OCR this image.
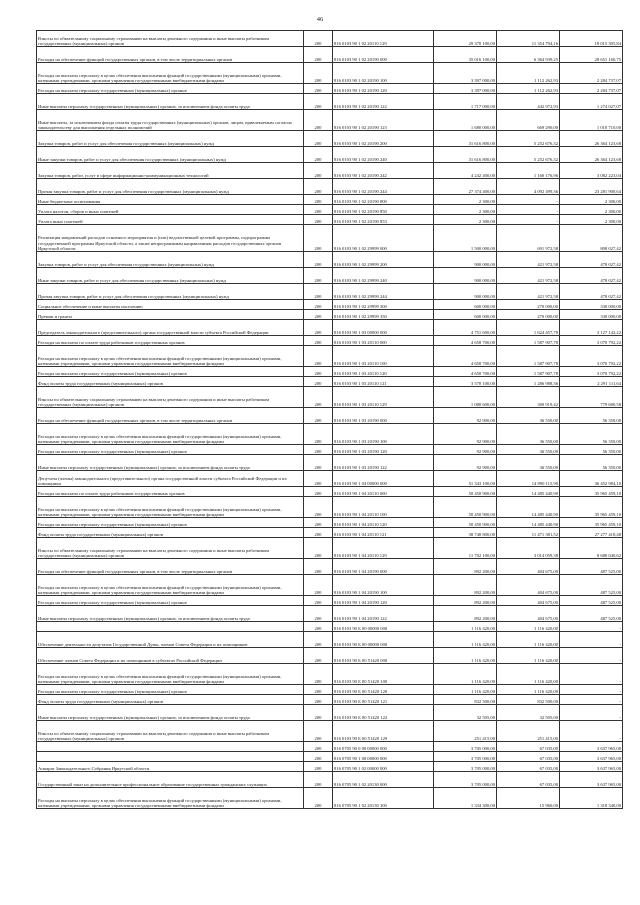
46
Взносы по обязательному социальному страхованию на выплаты денежного содержания и иные выплаты работникам государственных (муниципальных) органов	200	816 0103 90 1 02 20110 129	29 370 100,00	11 354 794,16	18 015 305,84
Расходы на обеспечение функций государственных органов, в том числе территориальных органов	200	816 0103 90 1 02 20190 000	35 016 100,00	6 364 939,25	28 651 160,75
Расходы на выплаты персоналу в целях обеспечения выполнения функций государственными (муниципальными) органами, казенными учреждениями, органами управления государственными внебюджетными фондами	200	816 0103 90 1 02 20190 100	3 397 000,00	1 112 262,93	2 284 737,07
Расходы на выплаты персоналу государственных (муниципальных) органов	200	816 0103 90 1 02 20190 120	3 397 000,00	1 112 262,93	2 284 737,07
Иные выплаты персоналу государственных (муниципальных) органов, за исключением фонда оплаты труда	200	816 0103 90 1 02 20190 122	1 717 000,00	442 972,93	1 274 027,07
Иные выплаты, за исключением фонда оплаты труда государственных (муниципальных) органов, лицам, привлекаемым согласно законодательству для выполнения отдельных полномочий	200	816 0103 90 1 02 20190 123	1 680 000,00	669 290,00	1 010 710,00
Закупка товаров, работ и услуг для обеспечения государственных (муниципальных) нужд	200	816 0103 90 1 02 20190 200	31 616 800,00	5 252 676,32	26 364 123,68
Иные закупки товаров, работ и услуг для обеспечения государственных (муниципальных) нужд	200	816 0103 90 1 02 20190 240	31 616 800,00	5 252 676,32	26 364 123,68
Закупка товаров, работ, услуг в сфере информационно-коммуникационных технологий	200	816 0103 90 1 02 20190 242	4 242 400,00	1 160 176,96	3 082 223,04
Прочая закупка товаров, работ и услуг для обеспечения государственных (муниципальных) нужд	200	816 0103 90 1 02 20190 244	27 374 400,00	4 092 499,36	23 281 900,64
Иные бюджетные ассигнования	200	816 0103 90 1 02 20190 800	2 300,00	-	2 300,00
Уплата налогов, сборов и иных платежей	200	816 0103 90 1 02 20190 850	2 300,00	-	2 300,00
Уплата иных платежей	200	816 0103 90 1 02 20190 853	2 300,00	-	2 300,00
Реализация направлений расходов основного мероприятия и (или) ведомственной целевой программы, подпрограммы государственной программы Иркутской области, а также непрограммным направлениям расходов государственных органов Иркутской области	200	816 0103 90 1 02 29999 000	1 500 000,00	691 972,58	808 027,42
Закупка товаров, работ и услуг для обеспечения государственных (муниципальных) нужд	200	816 0103 90 1 02 29999 200	900 000,00	421 972,58	478 027,42
Иные закупки товаров, работ и услуг для обеспечения государственных (муниципальных) нужд	200	816 0103 90 1 02 29999 240	900 000,00	421 972,58	478 027,42
Прочая закупка товаров, работ и услуг для обеспечения государственных (муниципальных) нужд	200	816 0103 90 1 02 29999 244	900 000,00	421 972,58	478 027,42
Социальное обеспечение и иные выплаты населению	200	816 0103 90 1 02 29999 300	600 000,00	270 000,00	330 000,00
Премии и гранты	200	816 0103 90 1 02 29999 350	600 000,00	270 000,00	330 000,00
Председатель законодательного (представительного) органа государственной власти субъекта Российской Федерации	200	816 0103 90 1 03 00000 000	4 751 600,00	1 624 457,78	3 127 142,22
Расходы на выплаты по оплате труда работников государственных органов	200	816 0103 90 1 03 20110 000	4 658 700,00	1 587 907,78	3 070 792,22
Расходы на выплаты персоналу в целях обеспечения выполнения функций государственными (муниципальными) органами, казенными учреждениями, органами управления государственными внебюджетными фондами	200	816 0103 90 1 03 20110 100	4 658 700,00	1 587 907,78	3 070 792,22
Расходы на выплаты персоналу государственных (муниципальных) органов	200	816 0103 90 1 03 20110 120	4 658 700,00	1 587 907,78	3 070 792,22
Фонд оплаты труда государственных (муниципальных) органов	200	816 0103 90 1 03 20110 121	3 578 100,00	1 286 988,36	2 291 111,64
Взносы по обязательному социальному страхованию на выплаты денежного содержания и иные выплаты работникам государственных (муниципальных) органов	200	816 0103 90 1 03 20110 129	1 080 600,00	300 919,42	779 680,58
Расходы на обеспечение функций государственных органов, в том числе территориальных органов	200	816 0103 90 1 03 20190 000	92 900,00	36 550,00	56 350,00
Расходы на выплаты персоналу в целях обеспечения выполнения функций государственными (муниципальными) органами, казенными учреждениями, органами управления государственными внебюджетными фондами	200	816 0103 90 1 03 20190 100	92 900,00	36 550,00	56 350,00
Расходы на выплаты персоналу государственных (муниципальных) органов	200	816 0103 90 1 03 20190 120	92 900,00	36 550,00	56 350,00
Иные выплаты персоналу государственных (муниципальных) органов, за исключением фонда оплаты труда	200	816 0103 90 1 03 20190 122	92 900,00	36 550,00	56 350,00
Депутаты (члены) законодательного (представительного) органа государственной власти субъекта Российской Федерации и их помощники	200	816 0103 90 1 04 00000 000	51 343 100,00	14 890 115,90	36 452 984,10
Расходы на выплаты по оплате труда работников государственных органов	200	816 0103 90 1 04 20110 000	50 450 900,00	14 485 440,90	35 965 459,10
Расходы на выплаты персоналу в целях обеспечения выполнения функций государственными (муниципальными) органами, казенными учреждениями, органами управления государственными внебюджетными фондами	200	816 0103 90 1 04 20110 100	50 450 900,00	14 485 440,90	35 965 459,10
Расходы на выплаты персоналу государственных (муниципальных) органов	200	816 0103 90 1 04 20110 120	50 450 900,00	14 485 440,90	35 965 459,10
Фонд оплаты труда государственных (муниципальных) органов	200	816 0103 90 1 04 20110 121	38 748 800,00	11 471 381,52	27 277 418,48
Взносы по обязательному социальному страхованию на выплаты денежного содержания и иные выплаты работникам государственных (муниципальных) органов	200	816 0103 90 1 04 20110 129	11 702 100,00	3 014 059,38	8 688 040,62
Расходы на обеспечение функций государственных органов, в том числе территориальных органов	200	816 0103 90 1 04 20190 000	892 200,00	404 675,00	487 525,00
Расходы на выплаты персоналу в целях обеспечения выполнения функций государственными (муниципальными) органами, казенными учреждениями, органами управления государственными внебюджетными фондами	200	816 0103 90 1 04 20190 100	892 200,00	404 675,00	487 525,00
Расходы на выплаты персоналу государственных (муниципальных) органов	200	816 0103 90 1 04 20190 120	892 200,00	404 675,00	487 525,00
Иные выплаты персоналу государственных (муниципальных) органов, за исключением фонда оплаты труда	200	816 0103 90 1 04 20190 122	892 200,00	404 675,00	487 525,00
	200	816 0103 90 Б 00 00000 000	1 116 420,00	1 116 420,00	-
Обеспечение деятельности депутатов Государственной Думы, членов Совета Федерации и их помощников	200	816 0103 90 Б 00 00000 000	1 116 420,00	1 116 420,00	-
Обеспечение членов Совета Федерации и их помощников в субъектах Российской Федерации	200	816 0103 90 Б 00 51420 000	1 116 420,00	1 116 420,00	-
Расходы на выплаты персоналу в целях обеспечения выполнения функций государственными (муниципальными) органами, казенными учреждениями, органами управления государственными внебюджетными фондами	200	816 0103 90 Б 00 51420 100	1 116 420,00	1 116 420,00	-
Расходы на выплаты персоналу государственных (муниципальных) органов	200	816 0103 90 Б 00 51420 120	1 116 420,00	1 116 420,00	-
Фонд оплаты труда государственных (муниципальных) органов	200	816 0103 90 Б 00 51420 121	832 500,00	832 500,00	-
Иные выплаты персоналу государственных (муниципальных) органов, за исключением фонда оплаты труда	200	816 0103 90 Б 00 51420 122	32 505,00	32 505,00	-
Взносы по обязательному социальному страхованию на выплаты денежного содержания и иные выплаты работникам государственных (муниципальных) органов	200	816 0103 90 Б 00 51420 129	251 415,00	251 415,00	-
	200	816 0705 90 0 00 00000 000	3 705 000,00	67 035,00	3 637 965,00
	200	816 0705 90 1 00 00000 000	3 705 000,00	67 035,00	3 637 965,00
Аппарат Законодательного Собрания Иркутской области	200	816 0705 90 1 02 00000 000	3 705 000,00	67 035,00	3 637 965,00
Государственный заказ на дополнительное профессиональное образование государственных гражданских служащих	200	816 0705 90 1 02 20130 000	3 705 000,00	67 035,00	3 637 965,00
Расходы на выплаты персоналу в целях обеспечения выполнения функций государственными (муниципальными) органами, казенными учреждениями, органами управления государственными внебюджетными фондами	200	816 0705 90 1 02 20130 100	1 334 300,00	15 960,00	1 318 340,00
